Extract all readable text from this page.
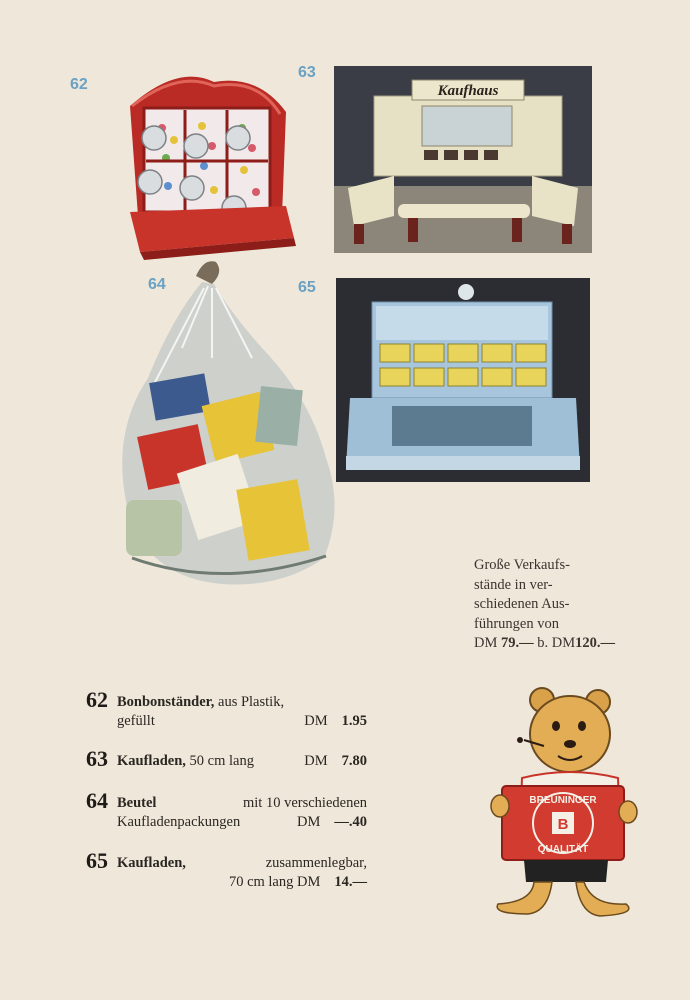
62
63
64	65
Kaufhaus
Große Verkaufs-
stände in ver-
schiedenen Aus-
führungen von
DM 79.— b. DM120.—
62 Bonbonständer, aus Plastik,
gefüllt	DM 1.95
63 Kaufladen, 50 cm lang	DM 7.80
64 Beutel	mit 10 verschiedenen
Kaufladenpackungen	DM —.40
65 Kaufladen,	zusammenlegbar,
70 cm lang DM 14.—
BREUNINGER
B
QUALITÄT
